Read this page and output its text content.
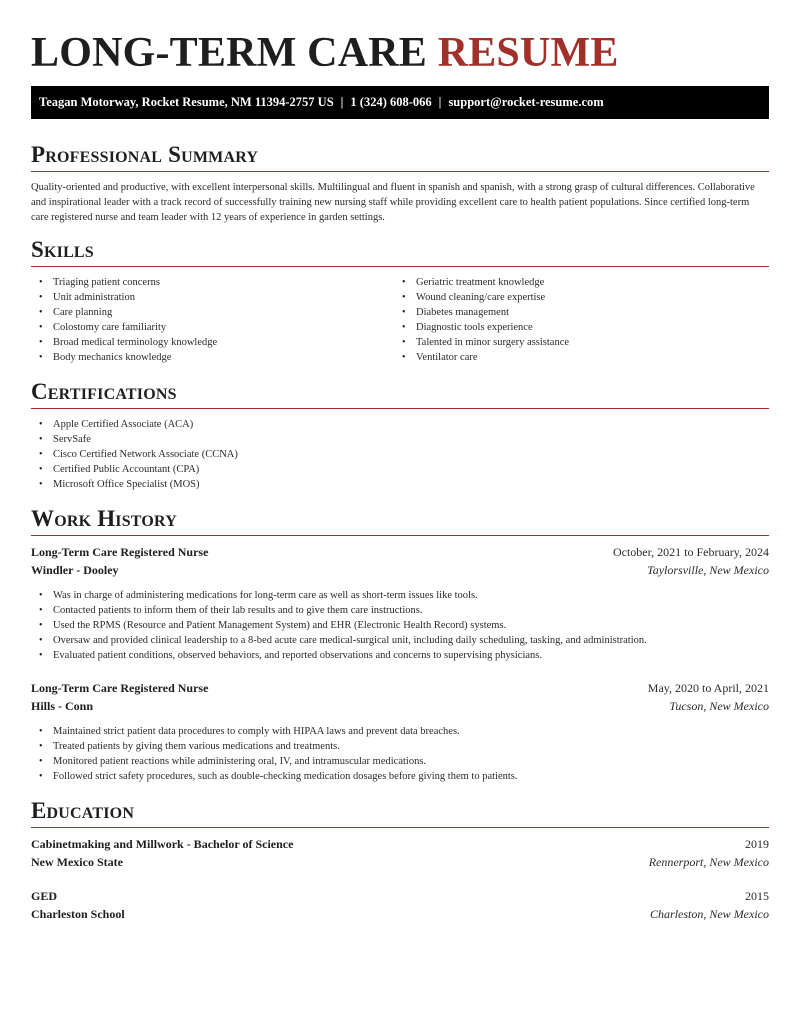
LONG-TERM CARE RESUME
Teagan Motorway, Rocket Resume, NM 11394-2757 US | 1 (324) 608-066 | support@rocket-resume.com
Professional Summary

Quality-oriented and productive, with excellent interpersonal skills. Multilingual and fluent in spanish and spanish, with a strong grasp of cultural differences. Collaborative and inspirational leader with a track record of successfully training new nursing staff while providing excellent care to health patient populations. Since certified long-term care registered nurse and team leader with 12 years of experience in garden settings.

Skills
• Triaging patient concerns
• Unit administration
• Care planning
• Colostomy care familiarity
• Broad medical terminology knowledge
• Body mechanics knowledge
• Geriatric treatment knowledge
• Wound cleaning/care expertise
• Diabetes management
• Diagnostic tools experience
• Talented in minor surgery assistance
• Ventilator care
Certifications
• Apple Certified Associate (ACA)
• ServSafe
• Cisco Certified Network Associate (CCNA)
• Certified Public Accountant (CPA)
• Microsoft Office Specialist (MOS)
Work History
Long-Term Care Registered Nurse	October, 2021 to February, 2024
Windler - Dooley	Taylorsville, New Mexico
• Was in charge of administering medications for long-term care as well as short-term issues like tools.
• Contacted patients to inform them of their lab results and to give them care instructions.
• Used the RPMS (Resource and Patient Management System) and EHR (Electronic Health Record) systems.
• Oversaw and provided clinical leadership to a 8-bed acute care medical-surgical unit, including daily scheduling, tasking, and administration.
• Evaluated patient conditions, observed behaviors, and reported observations and concerns to supervising physicians.
Long-Term Care Registered Nurse	May, 2020 to April, 2021
Hills - Conn	Tucson, New Mexico
• Maintained strict patient data procedures to comply with HIPAA laws and prevent data breaches.
• Treated patients by giving them various medications and treatments.
• Monitored patient reactions while administering oral, IV, and intramuscular medications.
• Followed strict safety procedures, such as double-checking medication dosages before giving them to patients.
Education
Cabinetmaking and Millwork - Bachelor of Science	2019
New Mexico State	Rennerport, New Mexico
GED	2015
Charleston School	Charleston, New Mexico
